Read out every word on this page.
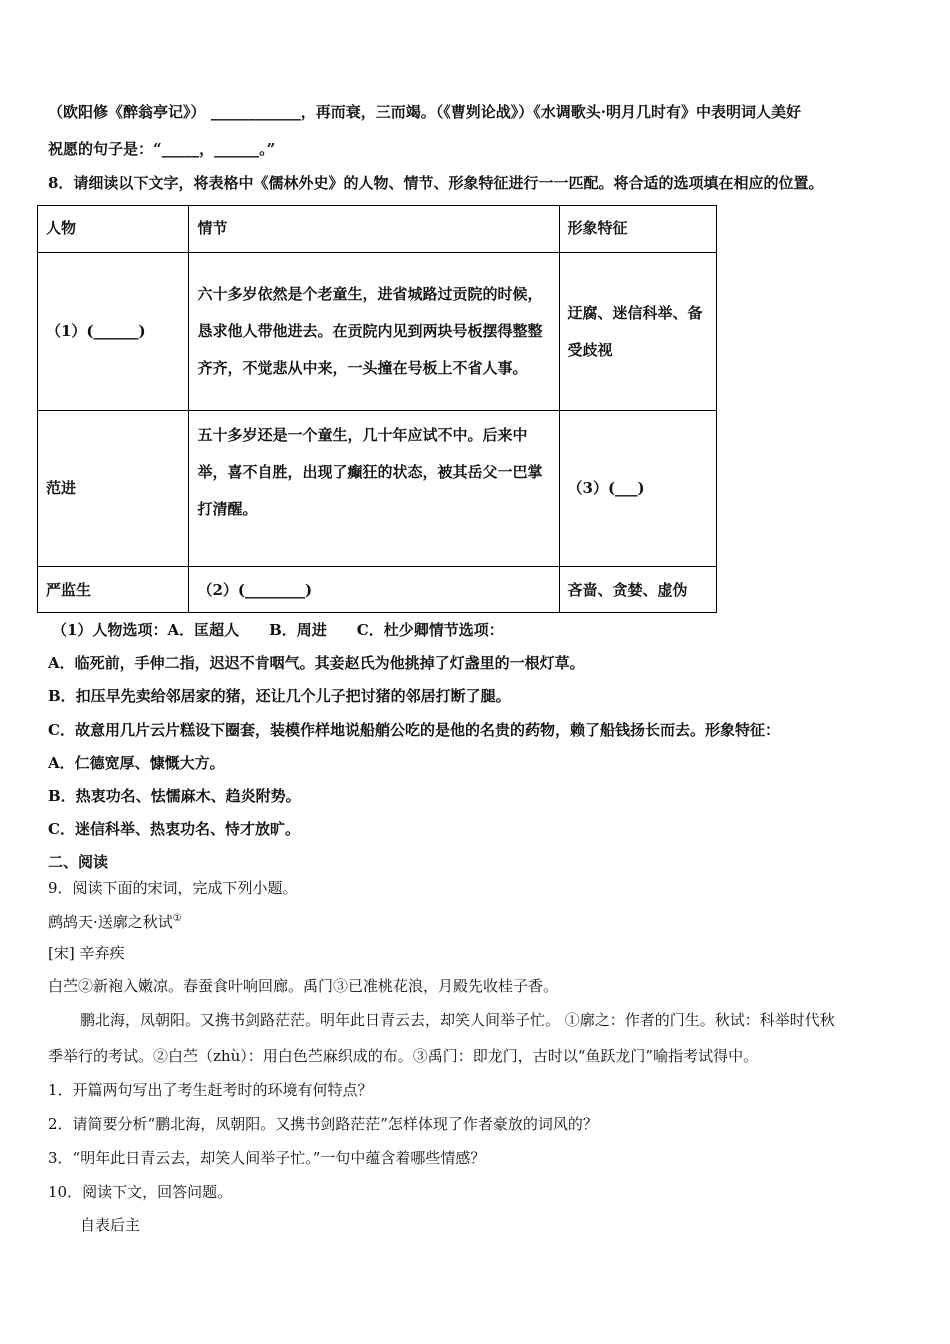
（欧阳修《醉翁亭记》） ____________，再而衰，三而竭。（《曹刿论战》）《水调歌头·明月几时有》中表明词人美好
祝愿的句子是：“_____，______。”
8．请细读以下文字，将表格中《儒林外史》的人物、情节、形象特征进行一一匹配。将合适的选项填在相应的位置。
人物	情节	形象特征
（1）(______)	六十多岁依然是个老童生，进省城路过贡院的时候，恳求他人带他进去。在贡院内见到两块号板摆得整整齐齐，不觉悲从中来，一头撞在号板上不省人事。	迂腐、迷信科举、备受歧视
范进	五十多岁还是一个童生，几十年应试不中。后来中举，喜不自胜，出现了癫狂的状态，被其岳父一巴掌打清醒。	（3）(___)
严监生	（2）(________)	吝啬、贪婪、虚伪
（1）人物选项：A．匡超人　　B．周进　　C．杜少卿情节选项：
A．临死前，手伸二指，迟迟不肯咽气。其妾赵氏为他挑掉了灯盏里的一根灯草。
B．扣压早先卖给邻居家的猪，还让几个儿子把讨猪的邻居打断了腿。
C．故意用几片云片糕设下圈套，装模作样地说船艄公吃的是他的名贵的药物，赖了船钱扬长而去。形象特征：
A．仁德宽厚、慷慨大方。
B．热衷功名、怯懦麻木、趋炎附势。
C．迷信科举、热衷功名、恃才放旷。
二、阅读
9．阅读下面的宋词，完成下列小题。
鹧鸪天·送廓之秋试①
[宋] 辛弃疾
白苎②新袍入嫩凉。春蚕食叶响回廊。禹门③已准桃花浪，月殿先收桂子香。
鹏北海，凤朝阳。又携书剑路茫茫。明年此日青云去，却笑人间举子忙。 ①廓之：作者的门生。秋试：科举时代秋
季举行的考试。②白苎（zhù）：用白色苎麻织成的布。③禹门：即龙门，古时以“鱼跃龙门”喻指考试得中。
1．开篇两句写出了考生赶考时的环境有何特点？
2．请简要分析“鹏北海，凤朝阳。又携书剑路茫茫”怎样体现了作者豪放的词风的？
3．“明年此日青云去，却笑人间举子忙。”一句中蕴含着哪些情感？
10．阅读下文，回答问题。
自表后主
